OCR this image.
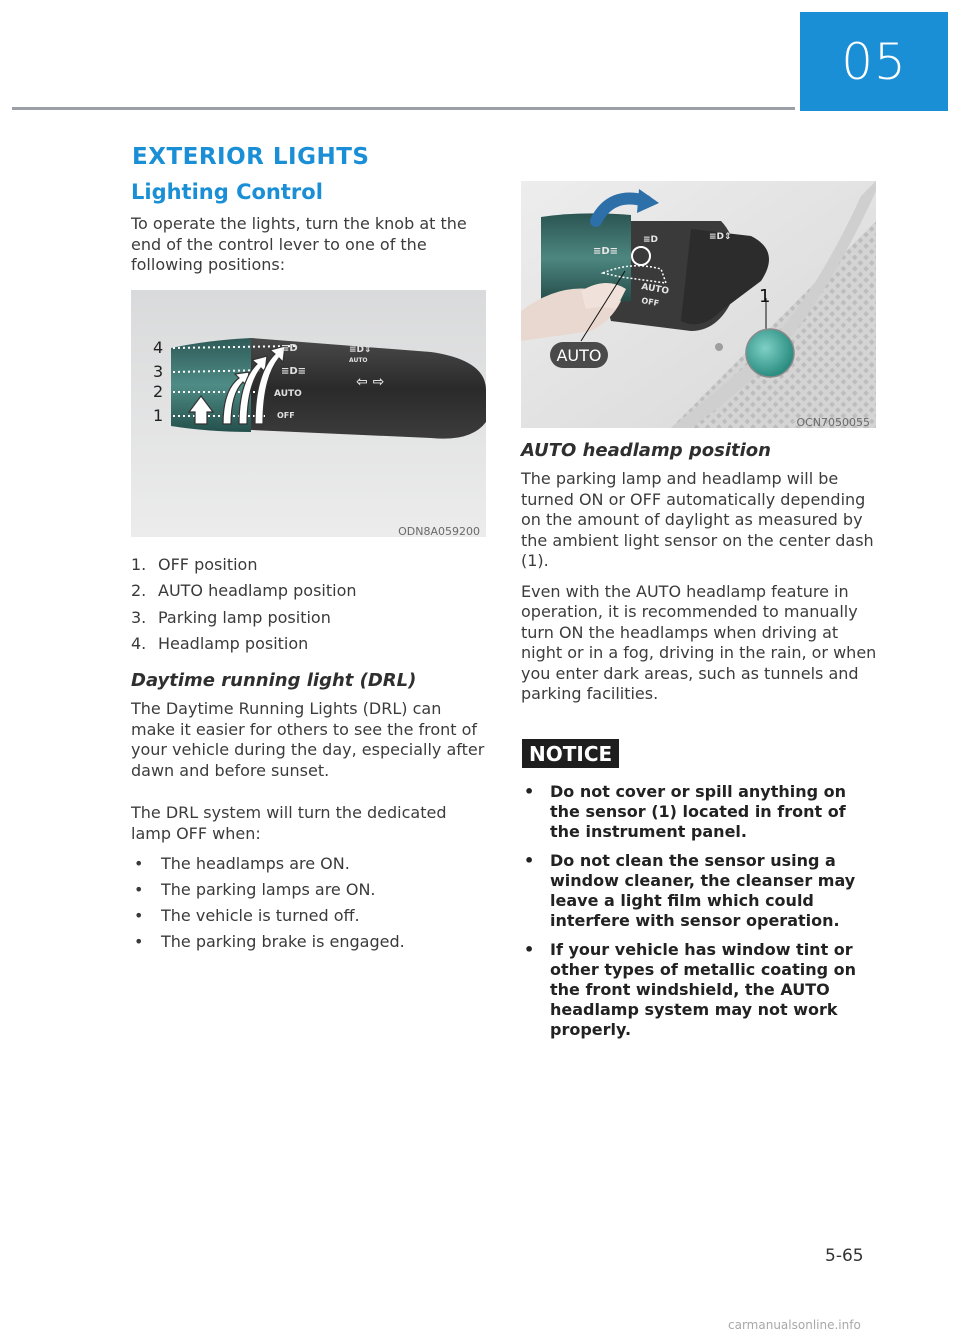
05
EXTERIOR LIGHTS
Lighting Control

To operate the lights, turn the knob at the end of the control lever to one of the following positions:

≡D	≡D⇕
AUTO
≡D≡
AUTO
OFF
⇦ ⇨
4
3
2
1
ODN8A059200
1. OFF position
2. AUTO headlamp position
3. Parking lamp position
4. Headlamp position
Daytime running light (DRL)

The Daytime Running Lights (DRL) can make it easier for others to see the front of your vehicle during the day, especially after dawn and before sunset.

The DRL system will turn the dedicated lamp OFF when:

•	The headlamps are ON.
•	The parking lamps are ON.
•	The vehicle is turned off.
•	The parking brake is engaged.
≡D	≡D⇕
≡D≡
AUTO
OFF	1
AUTO
OCN7050055
AUTO headlamp position

The parking lamp and headlamp will be turned ON or OFF automatically depending on the amount of daylight as measured by the ambient light sensor on the center dash (1).

Even with the AUTO headlamp feature in operation, it is recommended to manually turn ON the headlamps when driving at night or in a fog, driving in the rain, or when you enter dark areas, such as tunnels and parking facilities.

NOTICE
• Do not cover or spill anything on the sensor (1) located in front of the instrument panel.
• Do not clean the sensor using a window cleaner, the cleanser may leave a light film which could interfere with sensor operation.
• If your vehicle has window tint or other types of metallic coating on the front windshield, the AUTO headlamp system may not work properly.
5-65
carmanualsonline.info
